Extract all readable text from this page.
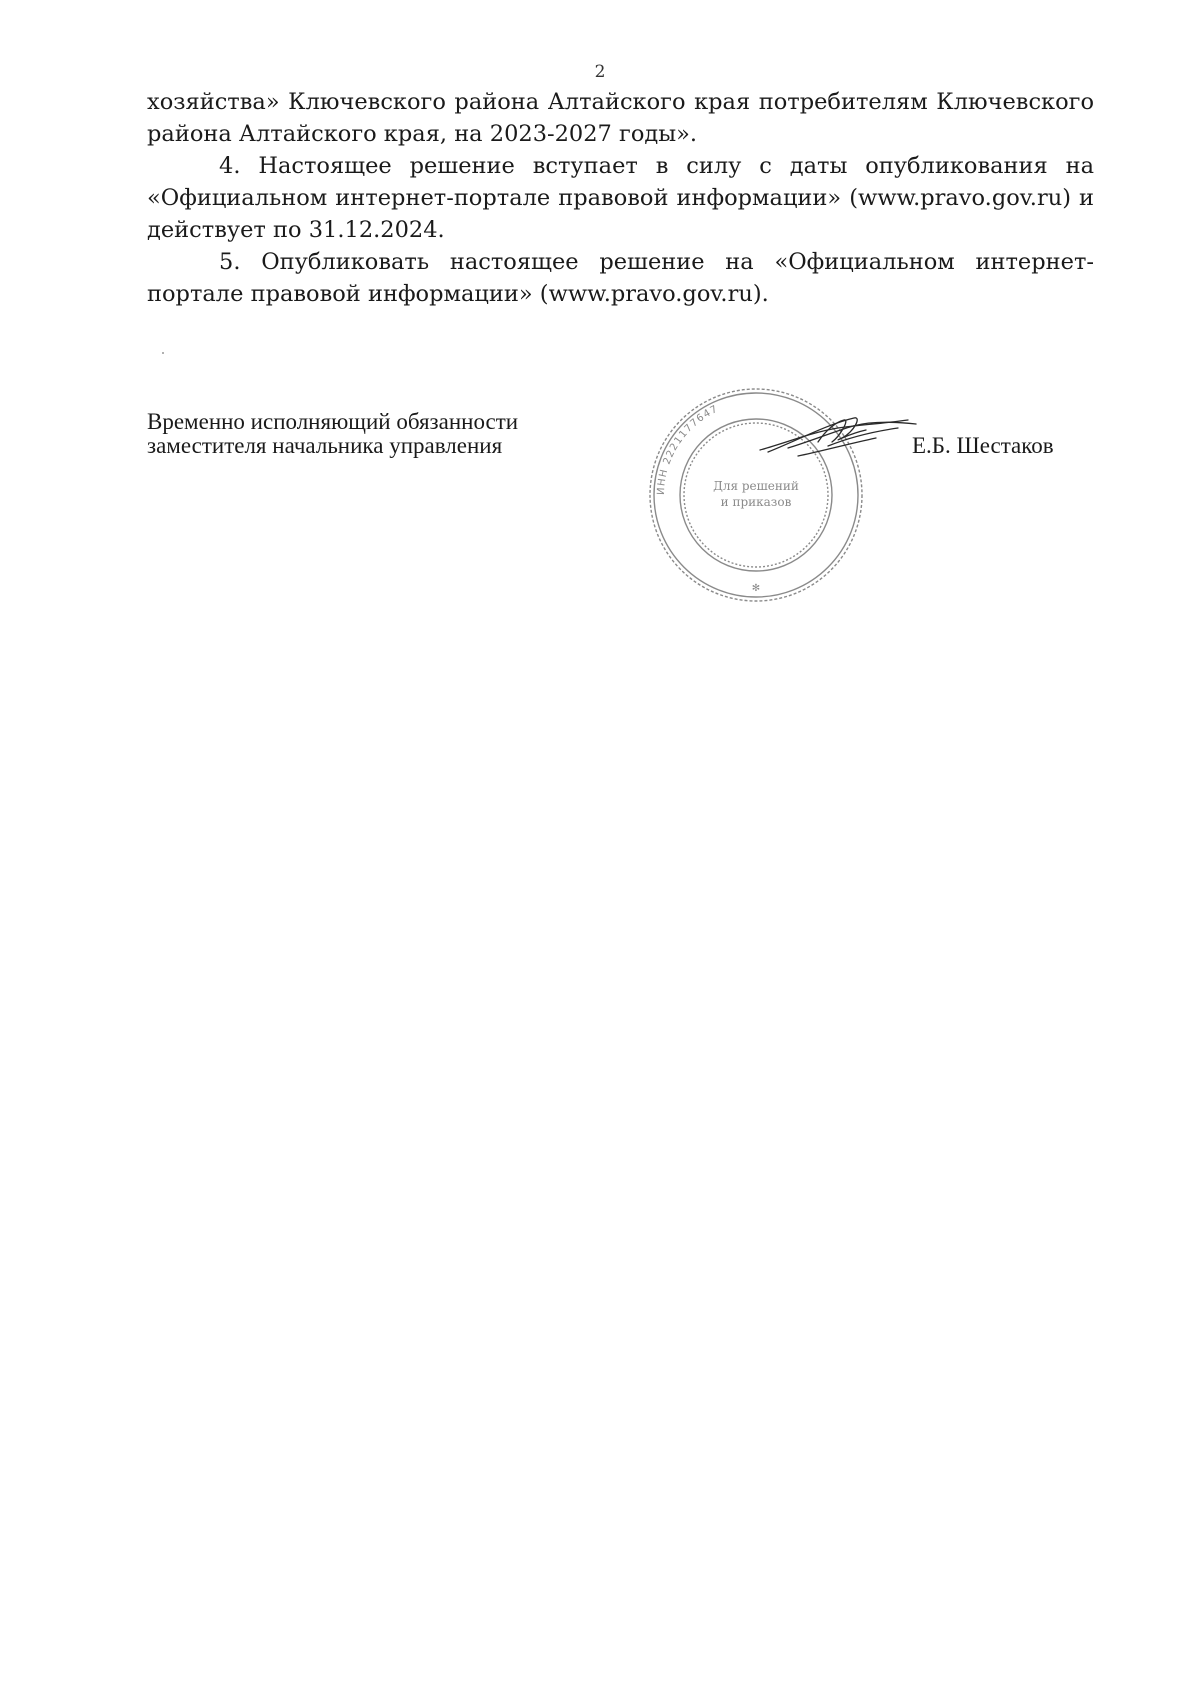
2

хозяйства» Ключевского района Алтайского края потребителям Ключевского района Алтайского края, на 2023-2027 годы».

4. Настоящее решение вступает в силу с даты опубликования на «Официальном интернет-портале правовой информации» (www.pravo.gov.ru) и действует по 31.12.2024.

5. Опубликовать настоящее решение на «Официальном интернет-портале правовой информации» (www.pravo.gov.ru).

Временно исполняющий обязанности
заместителя начальника управления
ИНН 2221177647
Для решений
и приказов
✻
Е.Б. Шестаков
